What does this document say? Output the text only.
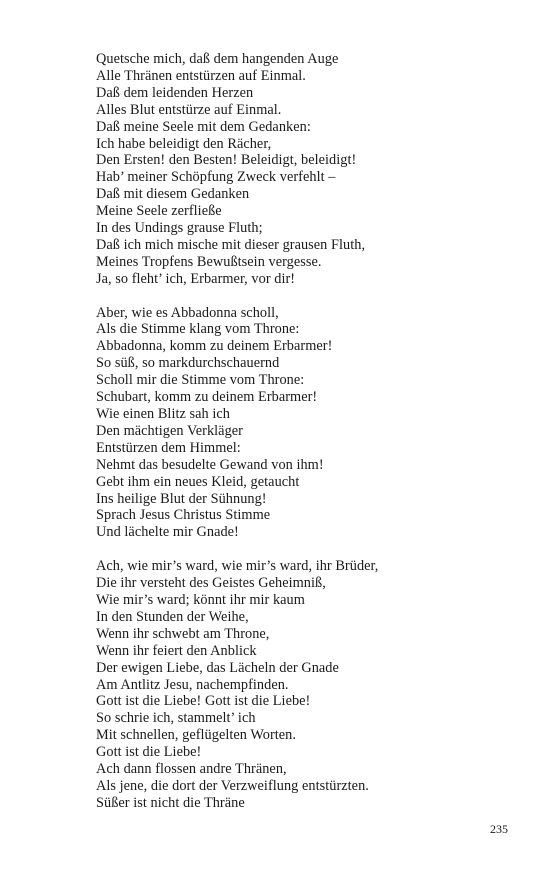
Quetsche mich, daß dem hangenden Auge
Alle Thränen entstürzen auf Einmal.
Daß dem leidenden Herzen
Alles Blut entstürze auf Einmal.
Daß meine Seele mit dem Gedanken:
Ich habe beleidigt den Rächer,
Den Ersten! den Besten! Beleidigt, beleidigt!
Hab’ meiner Schöpfung Zweck verfehlt –
Daß mit diesem Gedanken
Meine Seele zerfließe
In des Undings grause Fluth;
Daß ich mich mische mit dieser grausen Fluth,
Meines Tropfens Bewußtsein vergesse.
Ja, so fleht’ ich, Erbarmer, vor dir!
Aber, wie es Abbadonna scholl,
Als die Stimme klang vom Throne:
Abbadonna, komm zu deinem Erbarmer!
So süß, so markdurchschauernd
Scholl mir die Stimme vom Throne:
Schubart, komm zu deinem Erbarmer!
Wie einen Blitz sah ich
Den mächtigen Verkläger
Entstürzen dem Himmel:
Nehmt das besudelte Gewand von ihm!
Gebt ihm ein neues Kleid, getaucht
Ins heilige Blut der Sühnung!
Sprach Jesus Christus Stimme
Und lächelte mir Gnade!
Ach, wie mir’s ward, wie mir’s ward, ihr Brüder,
Die ihr versteht des Geistes Geheimniß,
Wie mir’s ward; könnt ihr mir kaum
In den Stunden der Weihe,
Wenn ihr schwebt am Throne,
Wenn ihr feiert den Anblick
Der ewigen Liebe, das Lächeln der Gnade
Am Antlitz Jesu, nachempfinden.
Gott ist die Liebe! Gott ist die Liebe!
So schrie ich, stammelt’ ich
Mit schnellen, geflügelten Worten.
Gott ist die Liebe!
Ach dann flossen andre Thränen,
Als jene, die dort der Verzweiflung entstürzten.
Süßer ist nicht die Thräne
235
